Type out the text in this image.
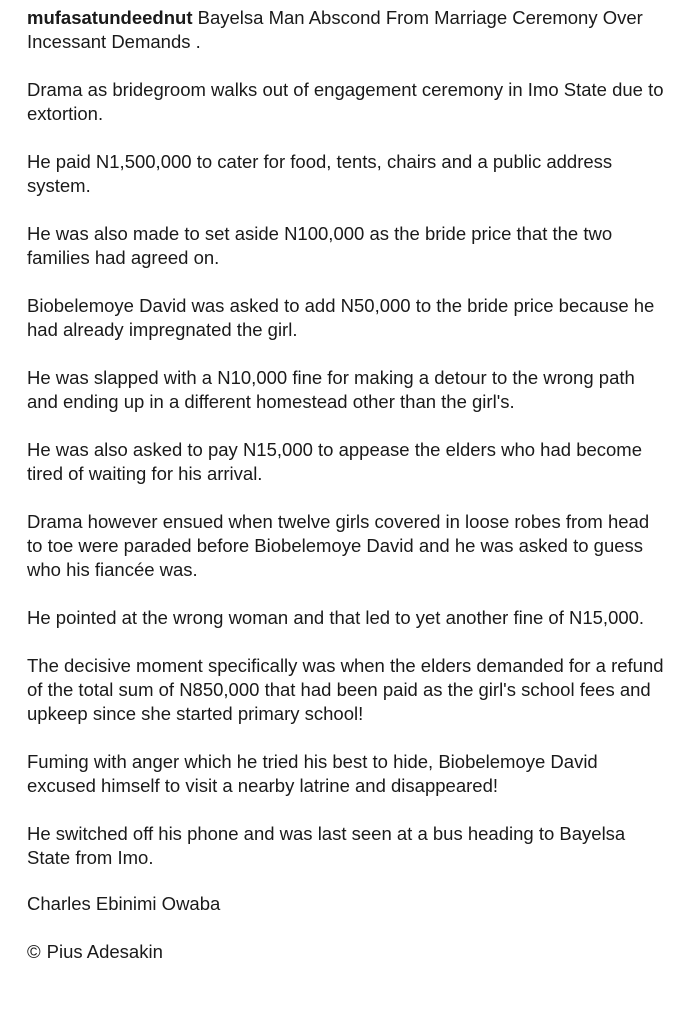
mufasatundeednut Bayelsa Man Abscond From Marriage Ceremony Over Incessant Demands .

Drama as bridegroom walks out of engagement ceremony in Imo State due to extortion.

He paid N1,500,000 to cater for food, tents, chairs and a public address system.

He was also made to set aside N100,000 as the bride price that the two families had agreed on.

Biobelemoye David was asked to add N50,000 to the bride price because he had already impregnated the girl.

He was slapped with a N10,000 fine for making a detour to the wrong path and ending up in a different homestead other than the girl's.

He was also asked to pay N15,000 to appease the elders who had become tired of waiting for his arrival.

Drama however ensued when twelve girls covered in loose robes from head to toe were paraded before Biobelemoye David and he was asked to guess who his fiancée was.

He pointed at the wrong woman and that led to yet another fine of N15,000.

The decisive moment specifically was when the elders demanded for a refund of the total sum of N850,000 that had been paid as the girl's school fees and upkeep since she started primary school!

Fuming with anger which he tried his best to hide, Biobelemoye David excused himself to visit a nearby latrine and disappeared!

He switched off his phone and was last seen at a bus heading to Bayelsa State from Imo.

Charles Ebinimi Owaba

© Pius Adesakin
